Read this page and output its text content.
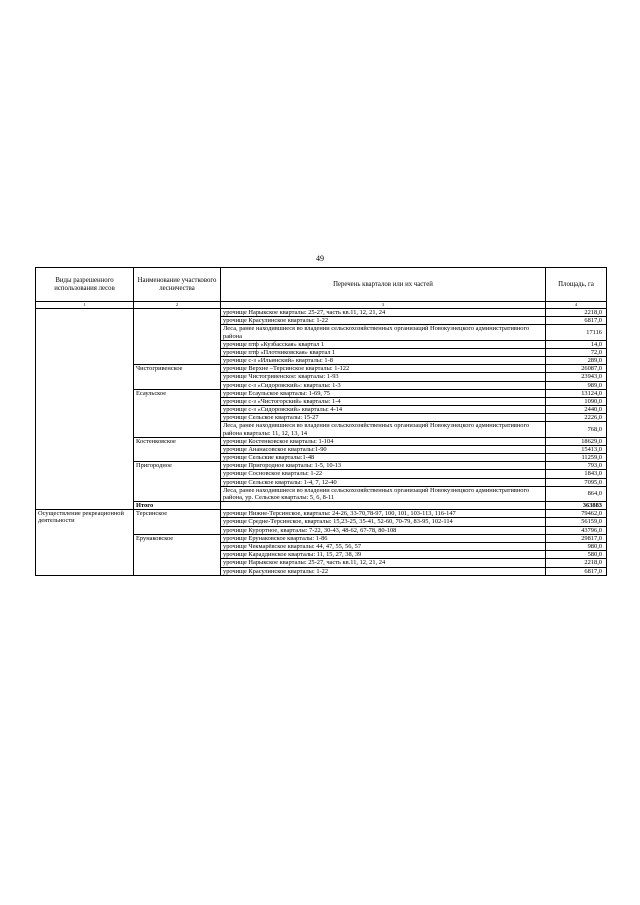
49
Виды разрешенного использования лесов	Наименование участкового лесничества	Перечень кварталов или их частей	Площадь, га
1	2	3	4
		урочище Нарыкское кварталы: 25-27, часть кв.11, 12, 21, 24	2218,0
		урочище Красулинское кварталы: 1-22	6817,0
		Леса, ранее находившиеся во владении сельскохозяйственных организаций Новокузнецкого административного района	17116
		урочище птф «Кузбасская» квартал 1	14,0
		урочище птф «Плотниковская» квартал 1	72,0
		урочище с-з «Ильинский» кварталы: 1-8	289,0
	Чистогривенское	урочище Верхне –Терсинское кварталы: 1-122	26087,0
		урочище Чистогривенское: кварталы: 1-93	23943,0
		урочище с-з «Сидоровский»: кварталы: 1-3	989,0
	Есаульское	урочище Есаульское кварталы: 1-69, 75	13124,0
		урочище с-з «Чистогорский» кварталы: 1-4	1090,0
		урочище с-з «Сидоровский» кварталы: 4-14	2440,0
		урочище Сельское кварталы: 15-27	2226,0
		Леса, ранее находившиеся во владении сельскохозяйственных организаций Новокузнецкого административного района кварталы: 11, 12, 13, 14	768,0
	Костенковское	урочище Костенковское кварталы: 1-104	18629,0
		урочище Ананасовское кварталы:1-90	15413,0
		урочище Сельские кварталы:1-48	11259,0
	Пригородное	урочище Пригородное кварталы: 1-5, 10-13	793,0
		урочище Сосновское кварталы: 1-22	1843,0
		урочище Сельское кварталы: 1-4, 7, 12-40	7095,0
		Леса, ранее находившиеся во владении сельскохозяйственных организаций Новокузнецкого административного района, ур. Сельское кварталы: 5, 6, 8-11	864,0
	Итого		363883
Осуществление рекреационной деятельности	Терсинское	урочище Нижне-Терсинское, кварталы: 24-26, 33-70,78-97, 100, 101, 103-113, 116-147	79462,0
		урочище Средне-Терсинское, кварталы: 15,23-25, 35-41, 52-60, 70-79, 83-95, 102-114	56159,0
		урочище Курортное, кварталы: 7-22, 30-43, 48-62, 67-78, 80-108	43796,0
	Ерунаковское	урочище Ерунаковское кварталы: 1-86	29817,0
		урочище Чекмарёвское кварталы: 44, 47, 55, 56, 57	980,0
		урочище Караддинское кварталы: 11, 15, 27, 38, 39	580,0
		урочище Нарыкское кварталы: 25-27, часть кв.11, 12, 21, 24	2218,0
		урочище Красулинское кварталы: 1-22	6817,0
